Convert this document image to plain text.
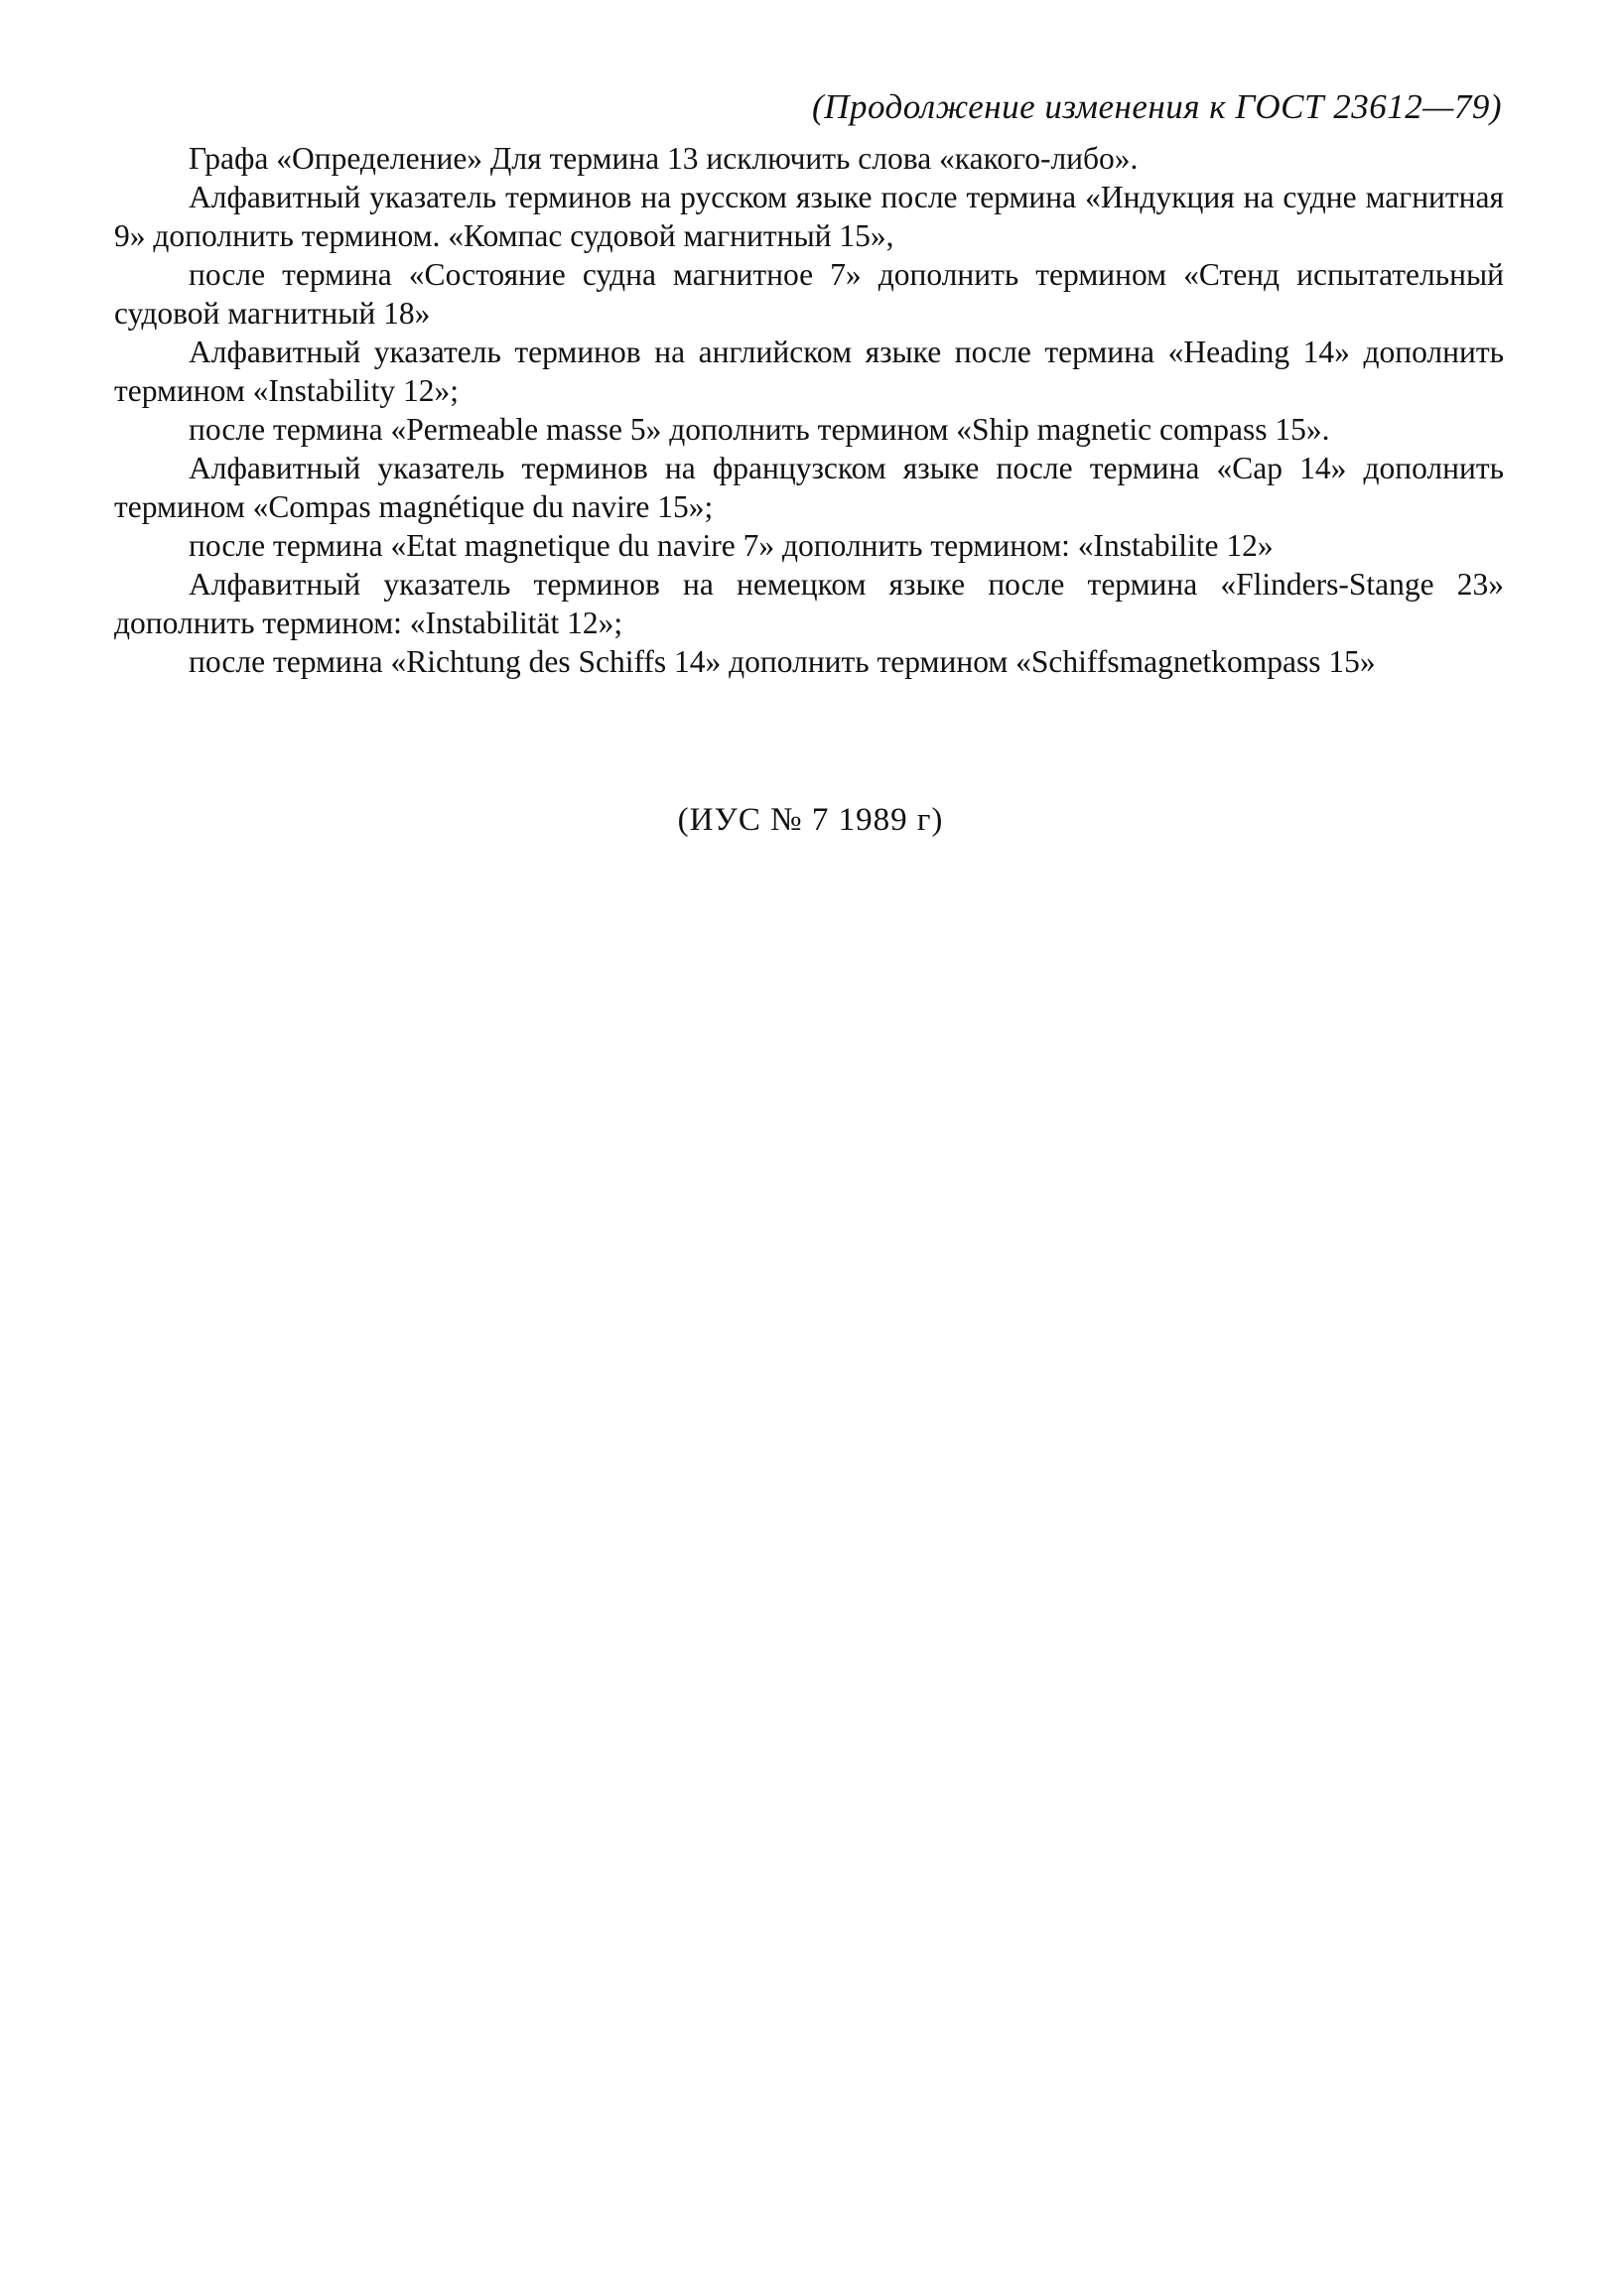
(Продолжение изменения к ГОСТ 23612—79)

Графа «Определение» Для термина 13 исключить слова «какого-либо».

Алфавитный указатель терминов на русском языке после термина «Индукция на судне магнитная 9» дополнить термином. «Компас судовой магнитный 15»,

после термина «Состояние судна магнитное 7» дополнить термином «Стенд испытательный судовой магнитный 18»

Алфавитный указатель терминов на английском языке после термина «Heading 14» дополнить термином «Instability 12»;

после термина «Permeable masse 5» дополнить термином «Ship magnetic compass 15».

Алфавитный указатель терминов на французском языке после термина «Cap 14» дополнить термином «Compas magnétique du navire 15»;

после термина «Etat magnetique du navire 7» дополнить термином: «Instabilite 12»

Алфавитный указатель терминов на немецком языке после термина «Flinders-Stange 23» дополнить термином: «Instabilität 12»;

после термина «Richtung des Schiffs 14» дополнить термином «Schiffsmagnetkompass 15»

(ИУС № 7 1989 г)
